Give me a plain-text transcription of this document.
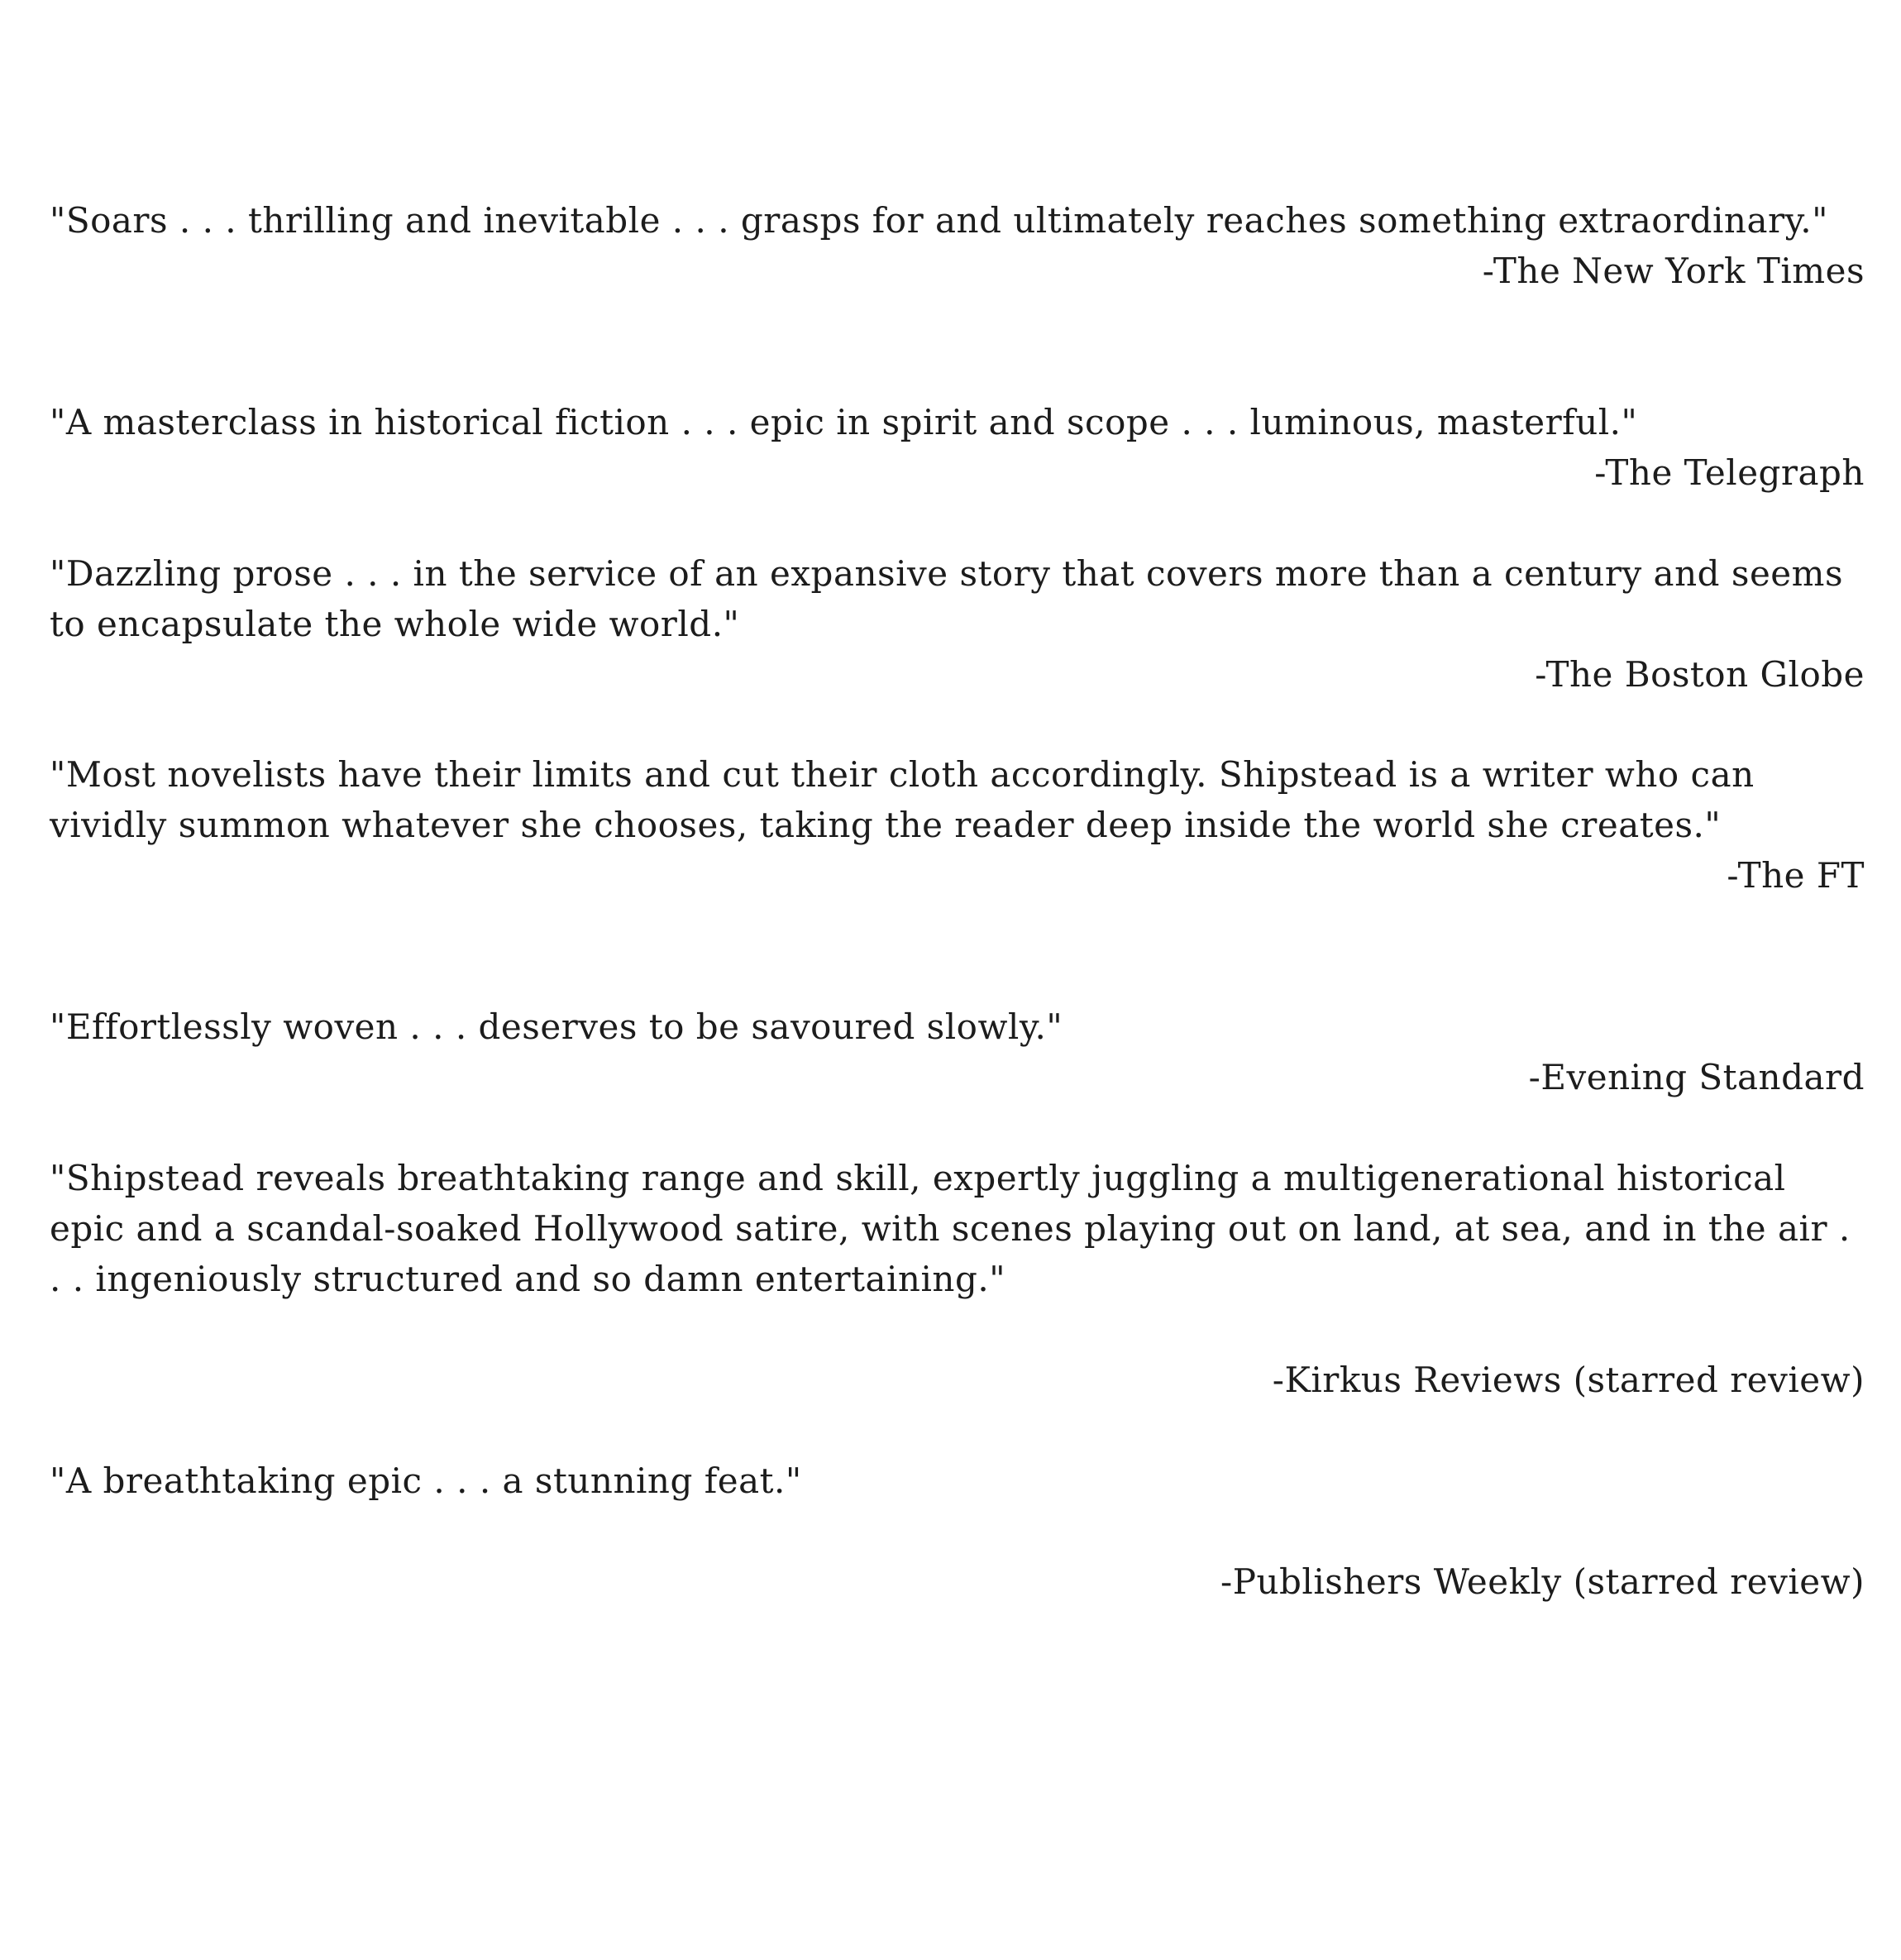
"Soars . . . thrilling and inevitable . . . grasps for and ultimately reaches something extraordinary."

-The New York Times

"A masterclass in historical fiction . . . epic in spirit and scope . . . luminous, masterful."

-The Telegraph

"Dazzling prose . . . in the service of an expansive story that covers more than a century and seems to encapsulate the whole wide world."

-The Boston Globe

"Most novelists have their limits and cut their cloth accordingly. Shipstead is a writer who can vividly summon whatever she chooses, taking the reader deep inside the world she creates."

-The FT

"Effortlessly woven . . . deserves to be savoured slowly."

-Evening Standard

"Shipstead reveals breathtaking range and skill, expertly juggling a multigenerational historical epic and a scandal-soaked Hollywood satire, with scenes playing out on land, at sea, and in the air . . . ingeniously structured and so damn entertaining."

-Kirkus Reviews (starred review)

"A breathtaking epic . . . a stunning feat."

-Publishers Weekly (starred review)
